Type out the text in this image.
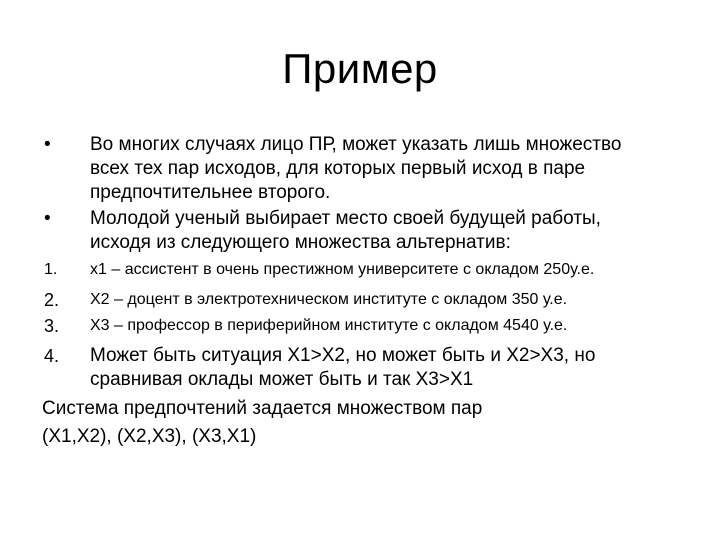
Пример
• Во многих случаях лицо ПР, может указать лишь множество
всех тех пар исходов, для которых первый исход в паре
предпочтительнее второго.
• Молодой ученый выбирает место своей будущей работы,
исходя из следующего множества альтернатив:
1. x1 – ассистент в очень престижном университете с окладом 250у.е.
2. X2 – доцент в электротехническом институте с окладом 350 у.е.
3. X3 – профессор в периферийном институте с окладом 4540 у.е.
4. Может быть ситуация X1>X2, но может быть и X2>X3, но
сравнивая оклады может быть и так X3>X1
Система предпочтений задается множеством пар
(X1,X2), (X2,X3), (X3,X1)
